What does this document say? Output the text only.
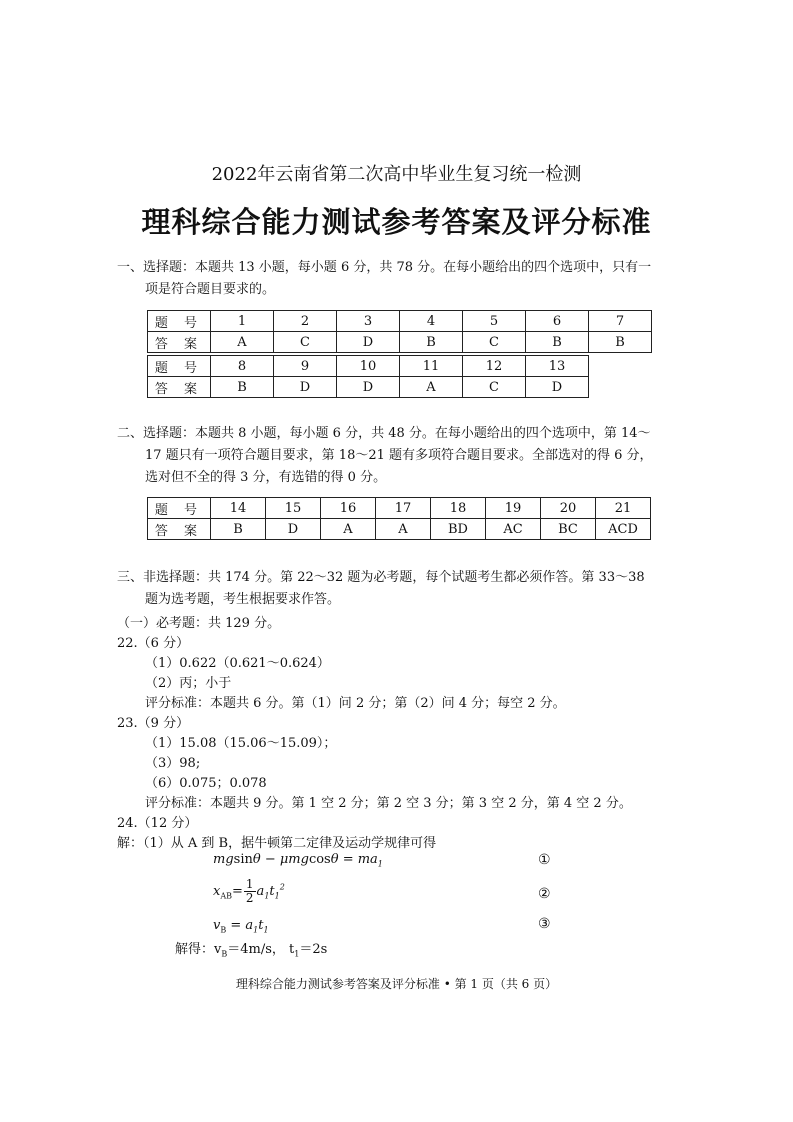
2022年云南省第二次高中毕业生复习统一检测
理科综合能力测试参考答案及评分标准
一、选择题：本题共 13 小题，每小题 6 分，共 78 分。在每小题给出的四个选项中，只有一
项是符合题目要求的。
题 号	1	2	3	4	5	6	7
答 案	A	C	D	B	C	B	B
题 号	8	9	10	11	12	13
答 案	B	D	D	A	C	D
二、选择题：本题共 8 小题，每小题 6 分，共 48 分。在每小题给出的四个选项中，第 14～
17 题只有一项符合题目要求，第 18～21 题有多项符合题目要求。全部选对的得 6 分，
选对但不全的得 3 分，有选错的得 0 分。
题 号	14	15	16	17	18	19	20	21
答 案	B	D	A	A	BD	AC	BC	ACD
三、非选择题：共 174 分。第 22～32 题为必考题，每个试题考生都必须作答。第 33～38
题为选考题，考生根据要求作答。
（一）必考题：共 129 分。
22.（6 分）
（1）0.622（0.621～0.624）
（2）丙；小于
评分标准：本题共 6 分。第（1）问 2 分；第（2）问 4 分；每空 2 分。
23.（9 分）
（1）15.08（15.06～15.09）；
（3）98;
（6）0.075；0.078
评分标准：本题共 9 分。第 1 空 2 分；第 2 空 3 分；第 3 空 2 分，第 4 空 2 分。
24.（12 分）
解：（1）从 A 到 B，据牛顿第二定律及运动学规律可得
$mgsin\theta - \mu mgcos\theta = ma_1$	①
$x_{AB}= \frac{1}{2} a_1t_1^2$	②
$v_B = a_1t_1$	③
解得：$v_B=4m/s$， $t_1=2s$
理科综合能力测试参考答案及评分标准 • 第 1 页（共 6 页）
